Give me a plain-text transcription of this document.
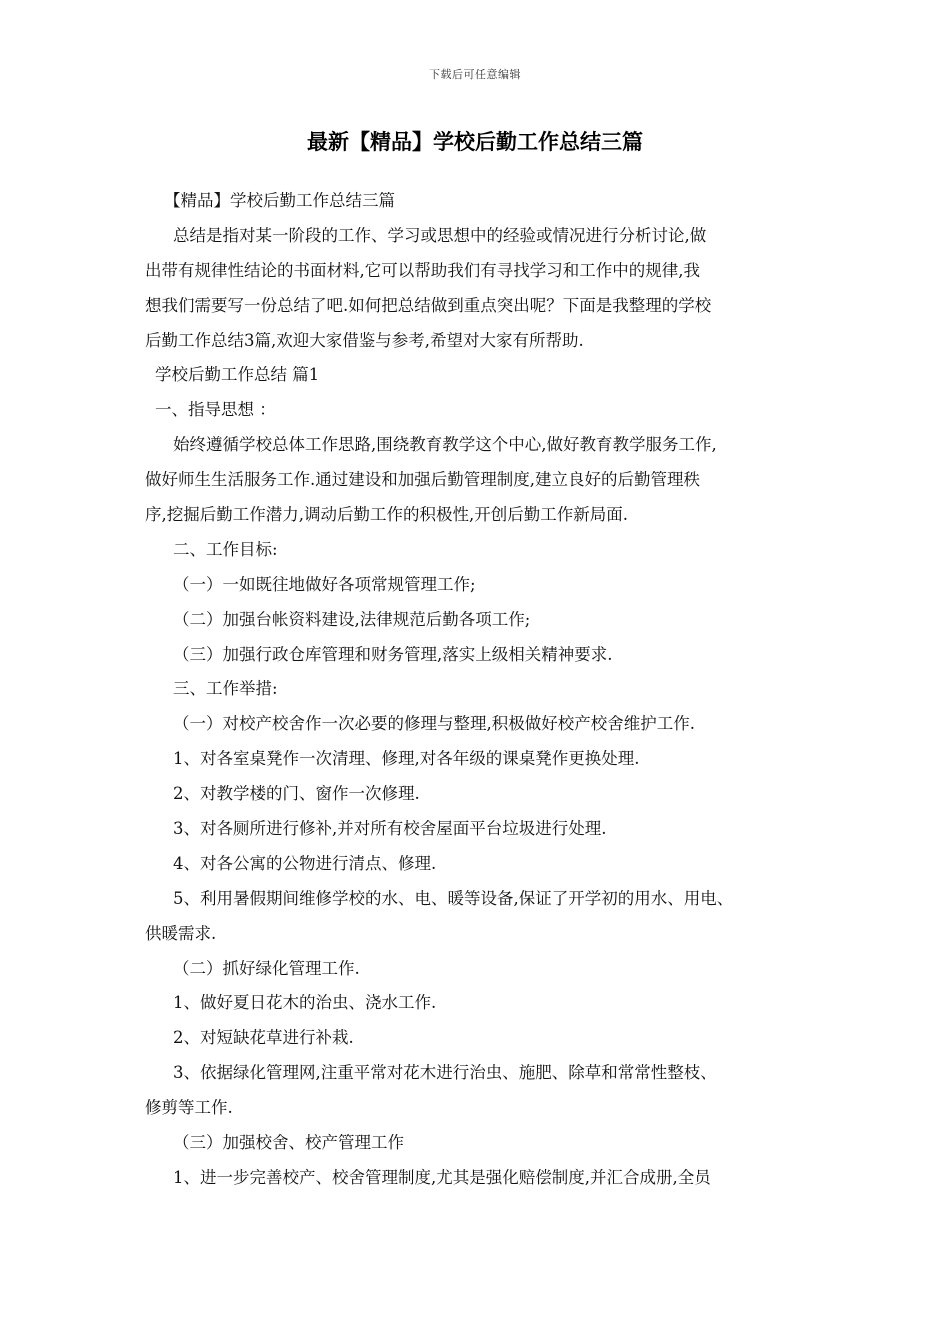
下载后可任意编辑
最新【精品】学校后勤工作总结三篇
【精品】学校后勤工作总结三篇
总结是指对某一阶段的工作、学习或思想中的经验或情况进行分析讨论,做
出带有规律性结论的书面材料,它可以帮助我们有寻找学习和工作中的规律,我
想我们需要写一份总结了吧.如何把总结做到重点突出呢？下面是我整理的学校
后勤工作总结3篇,欢迎大家借鉴与参考,希望对大家有所帮助.
学校后勤工作总结 篇1
一、指导思想 ：
始终遵循学校总体工作思路,围绕教育教学这个中心,做好教育教学服务工作,
做好师生生活服务工作.通过建设和加强后勤管理制度,建立良好的后勤管理秩
序,挖掘后勤工作潜力,调动后勤工作的积极性,开创后勤工作新局面.
二、工作目标:
（一）一如既往地做好各项常规管理工作;
（二）加强台帐资料建设,法律规范后勤各项工作;
（三）加强行政仓库管理和财务管理,落实上级相关精神要求.
三、工作举措:
（一）对校产校舍作一次必要的修理与整理,积极做好校产校舍维护工作.
1、对各室桌凳作一次清理、修理,对各年级的课桌凳作更换处理.
2、对教学楼的门、窗作一次修理.
3、对各厕所进行修补,并对所有校舍屋面平台垃圾进行处理.
4、对各公寓的公物进行清点、修理.
5、利用暑假期间维修学校的水、电、暖等设备,保证了开学初的用水、用电、
供暖需求.
（二）抓好绿化管理工作.
1、做好夏日花木的治虫、浇水工作.
2、对短缺花草进行补栽.
3、依据绿化管理网,注重平常对花木进行治虫、施肥、除草和常常性整枝、
修剪等工作.
（三）加强校舍、校产管理工作
1、进一步完善校产、校舍管理制度,尤其是强化赔偿制度,并汇合成册,全员
